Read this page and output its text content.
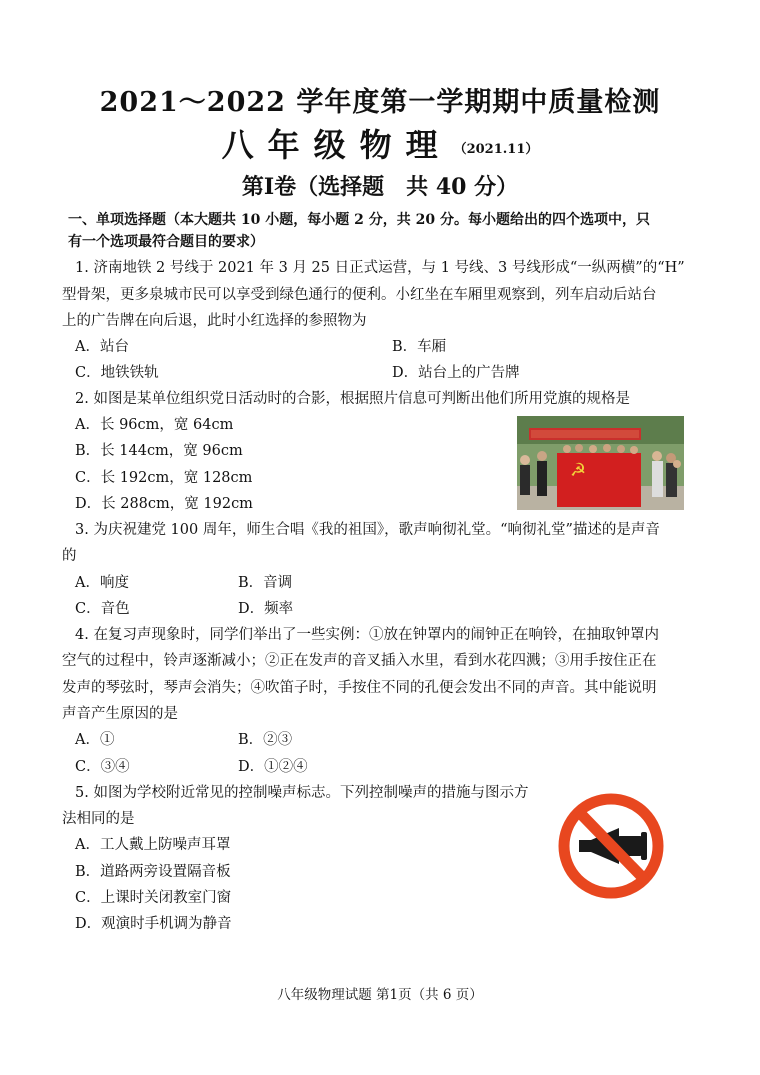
2021～2022 学年度第一学期期中质量检测
八年级物理 （2021.11）
第Ⅰ卷（选择题　共 40 分）
一、单项选择题（本大题共 10 小题，每小题 2 分，共 20 分。每小题给出的四个选项中，只
有一个选项最符合题目的要求）
1. 济南地铁 2 号线于 2021 年 3 月 25 日正式运营，与 1 号线、3 号线形成“一纵两横”的“H”
型骨架，更多泉城市民可以享受到绿色通行的便利。小红坐在车厢里观察到，列车启动后站台
上的广告牌在向后退，此时小红选择的参照物为
A．站台	B．车厢
C．地铁铁轨	D．站台上的广告牌
2. 如图是某单位组织党日活动时的合影，根据照片信息可判断出他们所用党旗的规格是
A．长 96cm，宽 64cm
B．长 144cm，宽 96cm
C．长 192cm，宽 128cm
D．长 288cm，宽 192cm
☭
3. 为庆祝建党 100 周年，师生合唱《我的祖国》，歌声响彻礼堂。“响彻礼堂”描述的是声音
的
A．响度	B．音调
C．音色	D．频率
4. 在复习声现象时，同学们举出了一些实例：①放在钟罩内的闹钟正在响铃，在抽取钟罩内
空气的过程中，铃声逐渐减小；②正在发声的音叉插入水里，看到水花四溅；③用手按住正在
发声的琴弦时，琴声会消失；④吹笛子时，手按住不同的孔便会发出不同的声音。其中能说明
声音产生原因的是
A．①	B．②③
C．③④	D．①②④
5. 如图为学校附近常见的控制噪声标志。下列控制噪声的措施与图示方
法相同的是
A．工人戴上防噪声耳罩
B．道路两旁设置隔音板
C．上课时关闭教室门窗
D．观演时手机调为静音
八年级物理试题 第1页（共 6 页）
